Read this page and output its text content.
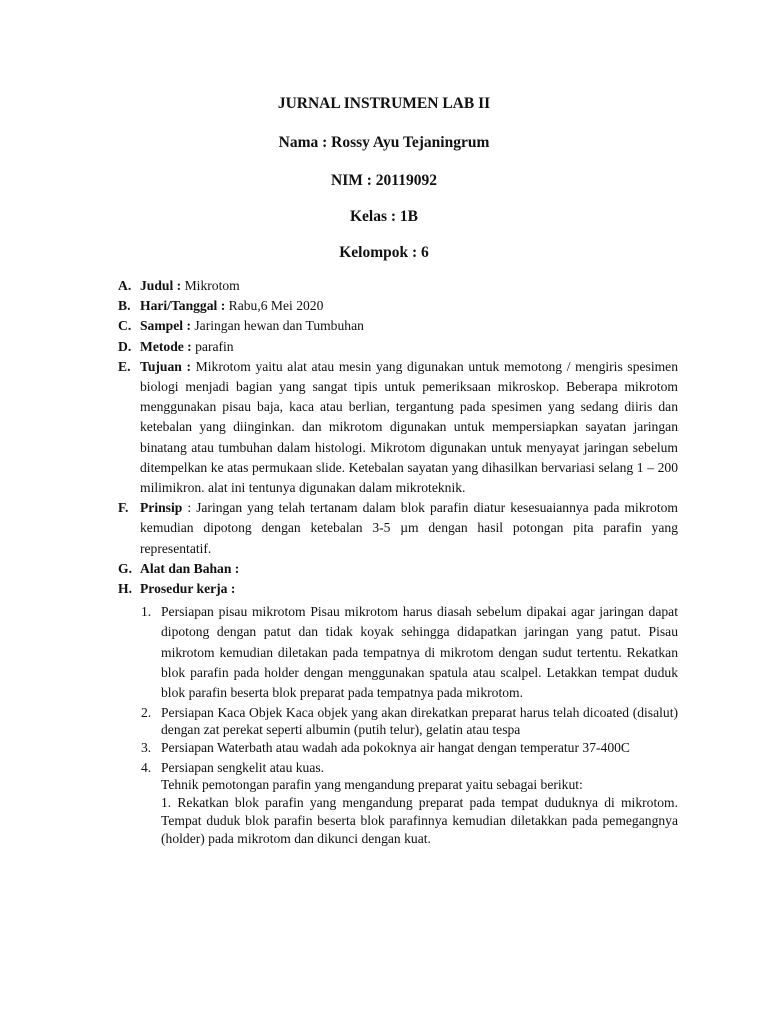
JURNAL INSTRUMEN LAB II
Nama : Rossy Ayu Tejaningrum
NIM : 20119092
Kelas : 1B
Kelompok : 6
A. Judul : Mikrotom
B. Hari/Tanggal : Rabu,6 Mei 2020
C. Sampel : Jaringan hewan dan Tumbuhan
D. Metode : parafin
E. Tujuan : Mikrotom yaitu alat atau mesin yang digunakan untuk memotong / mengiris spesimen biologi menjadi bagian yang sangat tipis untuk pemeriksaan mikroskop. Beberapa mikrotom menggunakan pisau baja, kaca atau berlian, tergantung pada spesimen yang sedang diiris dan ketebalan yang diinginkan. dan mikrotom digunakan untuk mempersiapkan sayatan jaringan binatang atau tumbuhan dalam histologi. Mikrotom digunakan untuk menyayat jaringan sebelum ditempelkan ke atas permukaan slide. Ketebalan sayatan yang dihasilkan bervariasi selang 1 – 200 milimikron. alat ini tentunya digunakan dalam mikroteknik.
F. Prinsip : Jaringan yang telah tertanam dalam blok parafin diatur kesesuaiannya pada mikrotom kemudian dipotong dengan ketebalan 3-5 µm dengan hasil potongan pita parafin yang representatif.
G. Alat dan Bahan :
H. Prosedur kerja :
1. Persiapan pisau mikrotom Pisau mikrotom harus diasah sebelum dipakai agar jaringan dapat dipotong dengan patut dan tidak koyak sehingga didapatkan jaringan yang patut. Pisau mikrotom kemudian diletakan pada tempatnya di mikrotom dengan sudut tertentu. Rekatkan blok parafin pada holder dengan menggunakan spatula atau scalpel. Letakkan tempat duduk blok parafin beserta blok preparat pada tempatnya pada mikrotom.
2. Persiapan Kaca Objek Kaca objek yang akan direkatkan preparat harus telah dicoated (disalut) dengan zat perekat seperti albumin (putih telur), gelatin atau tespa
3. Persiapan Waterbath atau wadah ada pokoknya air hangat dengan temperatur 37-400C
4. Persiapan sengkelit atau kuas.
Tehnik pemotongan parafin yang mengandung preparat yaitu sebagai berikut:
1. Rekatkan blok parafin yang mengandung preparat pada tempat duduknya di mikrotom. Tempat duduk blok parafin beserta blok parafinnya kemudian diletakkan pada pemegangnya (holder) pada mikrotom dan dikunci dengan kuat.
